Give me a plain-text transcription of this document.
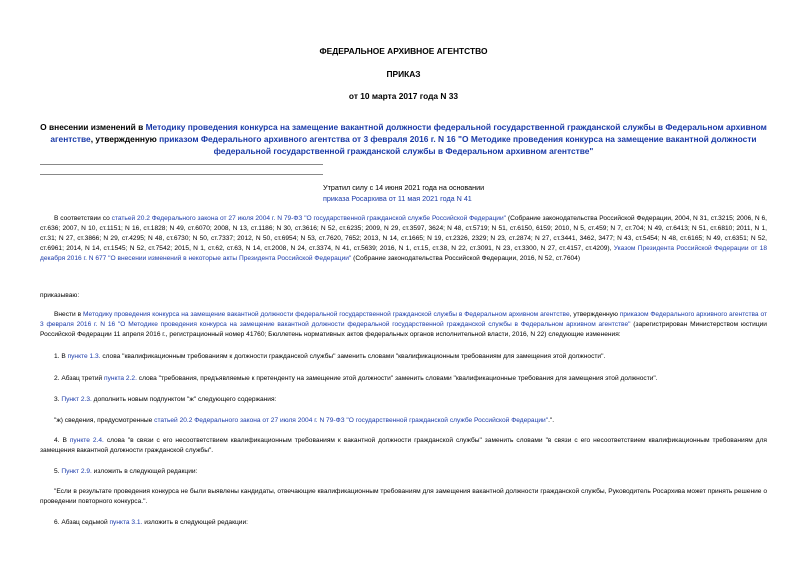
ФЕДЕРАЛЬНОЕ АРХИВНОЕ АГЕНТСТВО
ПРИКАЗ
от 10 марта 2017 года N 33
О внесении изменений в Методику проведения конкурса на замещение вакантной должности федеральной государственной гражданской службы в Федеральном архивном агентстве, утвержденную приказом Федерального архивного агентства от 3 февраля 2016 г. N 16 "О Методике проведения конкурса на замещение вакантной должности федеральной государственной гражданской службы в Федеральном архивном агентстве"
Утратил силу с 14 июня 2021 года на основании
приказа Росархива от 11 мая 2021 года N 41
В соответствии со статьей 20.2 Федерального закона от 27 июля 2004 г. N 79-ФЗ "О государственной гражданской службе Российской Федерации" (Собрание законодательства Российской Федерации, 2004, N 31, ст.3215; 2006, N 6, ст.636; 2007, N 10, ст.1151; N 16, ст.1828; N 49, ст.6070; 2008, N 13, ст.1186; N 30, ст.3616; N 52, ст.6235; 2009, N 29, ст.3597, 3624; N 48, ст.5719; N 51, ст.6150, 6159; 2010, N 5, ст.459; N 7, ст.704; N 49, ст.6413; N 51, ст.6810; 2011, N 1, ст.31; N 27, ст.3866; N 29, ст.4295; N 48, ст.6730; N 50, ст.7337; 2012, N 50, ст.6954; N 53, ст.7620, 7652; 2013, N 14, ст.1665; N 19, ст.2326, 2329; N 23, ст.2874; N 27, ст.3441, 3462, 3477; N 43, ст.5454; N 48, ст.6165; N 49, ст.6351; N 52, ст.6961; 2014, N 14, ст.1545; N 52, ст.7542; 2015, N 1, ст.62, ст.63, N 14, ст.2008, N 24, ст.3374, N 41, ст.5639; 2016, N 1, ст.15, ст.38, N 22, ст.3091, N 23, ст.3300, N 27, ст.4157, ст.4209), Указом Президента Российской Федерации от 18 декабря 2016 г. N 677 "О внесении изменений в некоторые акты Президента Российской Федерации" (Собрание законодательства Российской Федерации, 2016, N 52, ст.7604)
приказываю:
Внести в Методику проведения конкурса на замещение вакантной должности федеральной государственной гражданской службы в Федеральном архивном агентстве, утвержденную приказом Федерального архивного агентства от 3 февраля 2016 г. N 16 "О Методике проведения конкурса на замещение вакантной должности федеральной государственной гражданской службы в Федеральном архивном агентстве" (зарегистрирован Министерством юстиции Российской Федерации 11 апреля 2016 г., регистрационный номер 41760; Бюллетень нормативных актов федеральных органов исполнительной власти, 2016, N 22) следующие изменения:
1. В пункте 1.3. слова "квалификационным требованиям к должности гражданской службы" заменить словами "квалификационным требованиям для замещения этой должности".
2. Абзац третий пункта 2.2. слова "требования, предъявляемые к претенденту на замещение этой должности" заменить словами "квалификационные требования для замещения этой должности".
3. Пункт 2.3. дополнить новым подпунктом "ж" следующего содержания:
"ж) сведения, предусмотренные статьей 20.2 Федерального закона от 27 июля 2004 г. N 79-ФЗ "О государственной гражданской службе Российской Федерации".".
4. В пункте 2.4. слова "в связи с его несоответствием квалификационным требованиям к вакантной должности гражданской службы" заменить словами "в связи с его несоответствием квалификационным требованиям для замещения вакантной должности гражданской службы".
5. Пункт 2.9. изложить в следующей редакции:
"Если в результате проведения конкурса не были выявлены кандидаты, отвечающие квалификационным требованиям для замещения вакантной должности гражданской службы, Руководитель Росархива может принять решение о проведении повторного конкурса.".
6. Абзац седьмой пункта 3.1. изложить в следующей редакции:
